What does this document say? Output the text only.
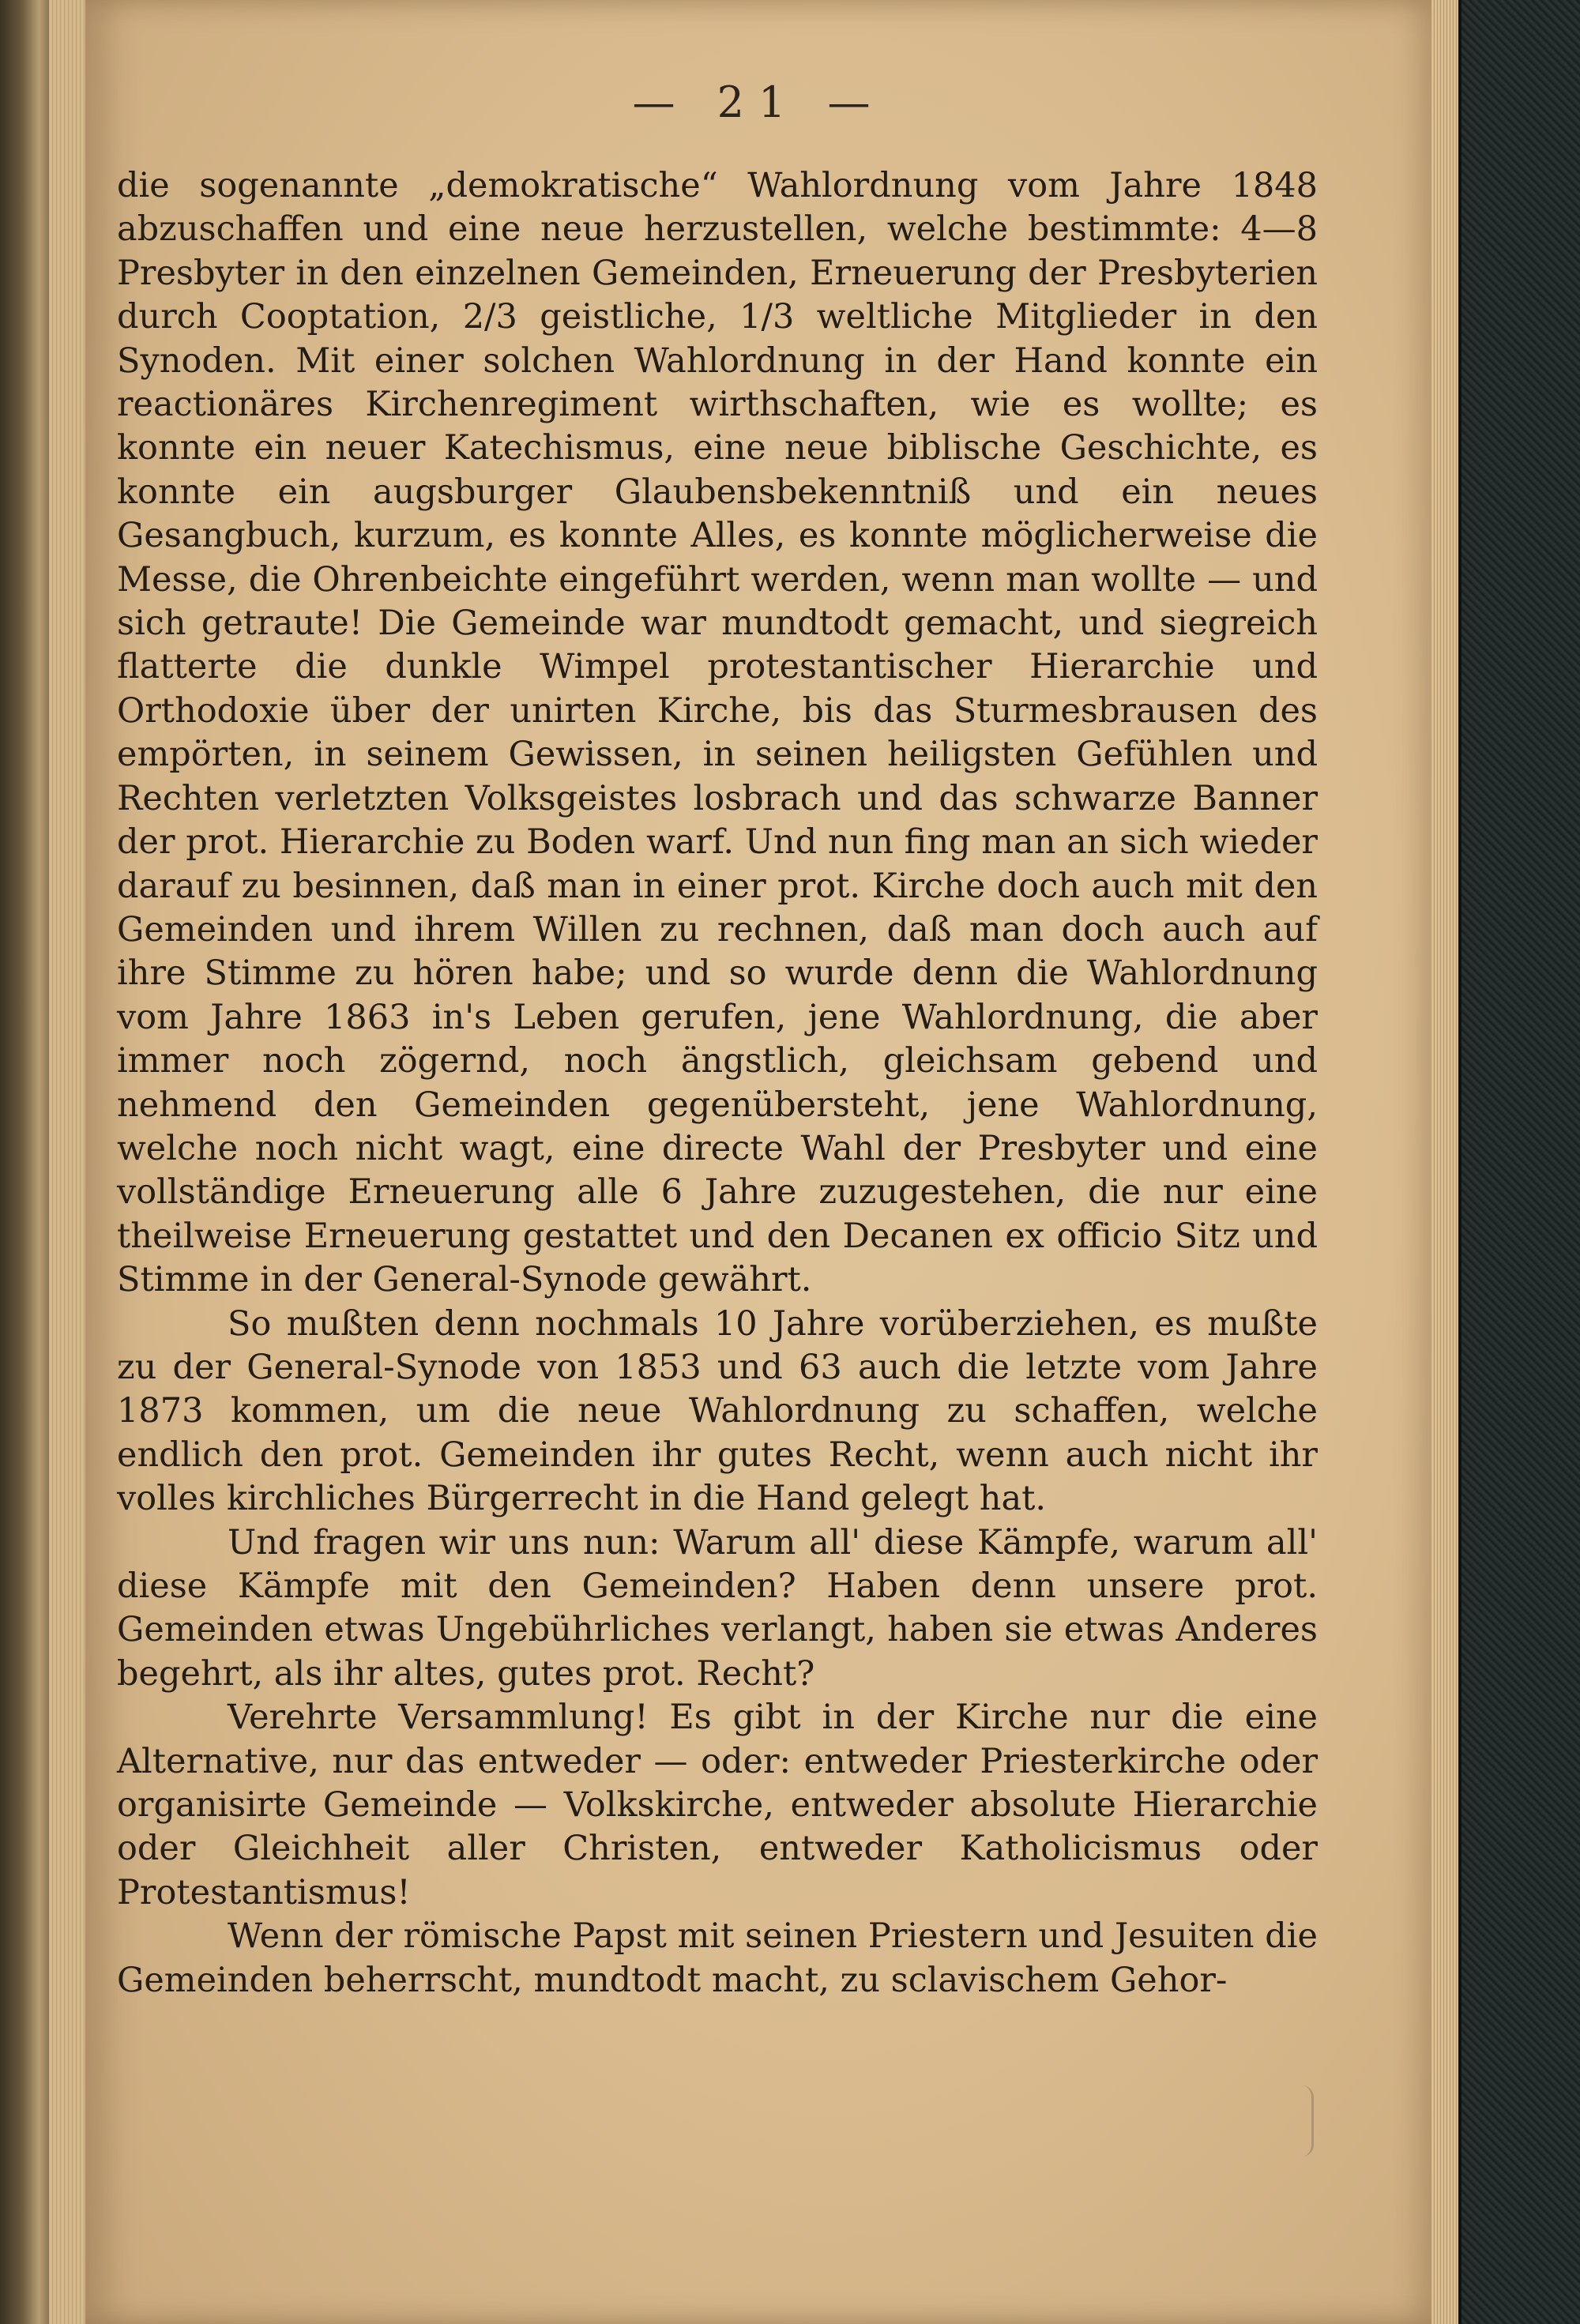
— 21 —

die sogenannte „demokratische“ Wahlordnung vom Jahre 1848 abzuschaffen und eine neue herzustellen, welche bestimmte: 4—8 Presbyter in den einzelnen Gemeinden, Erneuerung der Presbyterien durch Cooptation, 2/3 geistliche, 1/3 weltliche Mitglieder in den Synoden. Mit einer solchen Wahlordnung in der Hand konnte ein reactionäres Kirchenregiment wirthschaften, wie es wollte; es konnte ein neuer Katechismus, eine neue biblische Geschichte, es konnte ein augsburger Glaubensbekenntniß und ein neues Gesangbuch, kurzum, es konnte Alles, es konnte möglicherweise die Messe, die Ohrenbeichte eingeführt werden, wenn man wollte — und sich getraute! Die Gemeinde war mundtodt gemacht, und siegreich flatterte die dunkle Wimpel protestantischer Hierarchie und Orthodoxie über der unirten Kirche, bis das Sturmesbrausen des empörten, in seinem Gewissen, in seinen heiligsten Gefühlen und Rechten verletzten Volksgeistes losbrach und das schwarze Banner der prot. Hierarchie zu Boden warf. Und nun fing man an sich wieder darauf zu besinnen, daß man in einer prot. Kirche doch auch mit den Gemeinden und ihrem Willen zu rechnen, daß man doch auch auf ihre Stimme zu hören habe; und so wurde denn die Wahlordnung vom Jahre 1863 in's Leben gerufen, jene Wahlordnung, die aber immer noch zögernd, noch ängstlich, gleichsam gebend und nehmend den Gemeinden gegenübersteht, jene Wahlordnung, welche noch nicht wagt, eine directe Wahl der Presbyter und eine vollständige Erneuerung alle 6 Jahre zuzugestehen, die nur eine theilweise Erneuerung gestattet und den Decanen ex officio Sitz und Stimme in der General-Synode gewährt.

So mußten denn nochmals 10 Jahre vorüberziehen, es mußte zu der General-Synode von 1853 und 63 auch die letzte vom Jahre 1873 kommen, um die neue Wahlordnung zu schaffen, welche endlich den prot. Gemeinden ihr gutes Recht, wenn auch nicht ihr volles kirchliches Bürgerrecht in die Hand gelegt hat.

Und fragen wir uns nun: Warum all' diese Kämpfe, warum all' diese Kämpfe mit den Gemeinden? Haben denn unsere prot. Gemeinden etwas Ungebührliches verlangt, haben sie etwas Anderes begehrt, als ihr altes, gutes prot. Recht?

Verehrte Versammlung! Es gibt in der Kirche nur die eine Alternative, nur das entweder — oder: entweder Priesterkirche oder organisirte Gemeinde — Volkskirche, entweder absolute Hierarchie oder Gleichheit aller Christen, entweder Katholicismus oder Protestantismus!

Wenn der römische Papst mit seinen Priestern und Jesuiten die Gemeinden beherrscht, mundtodt macht, zu sclavischem Gehor-
